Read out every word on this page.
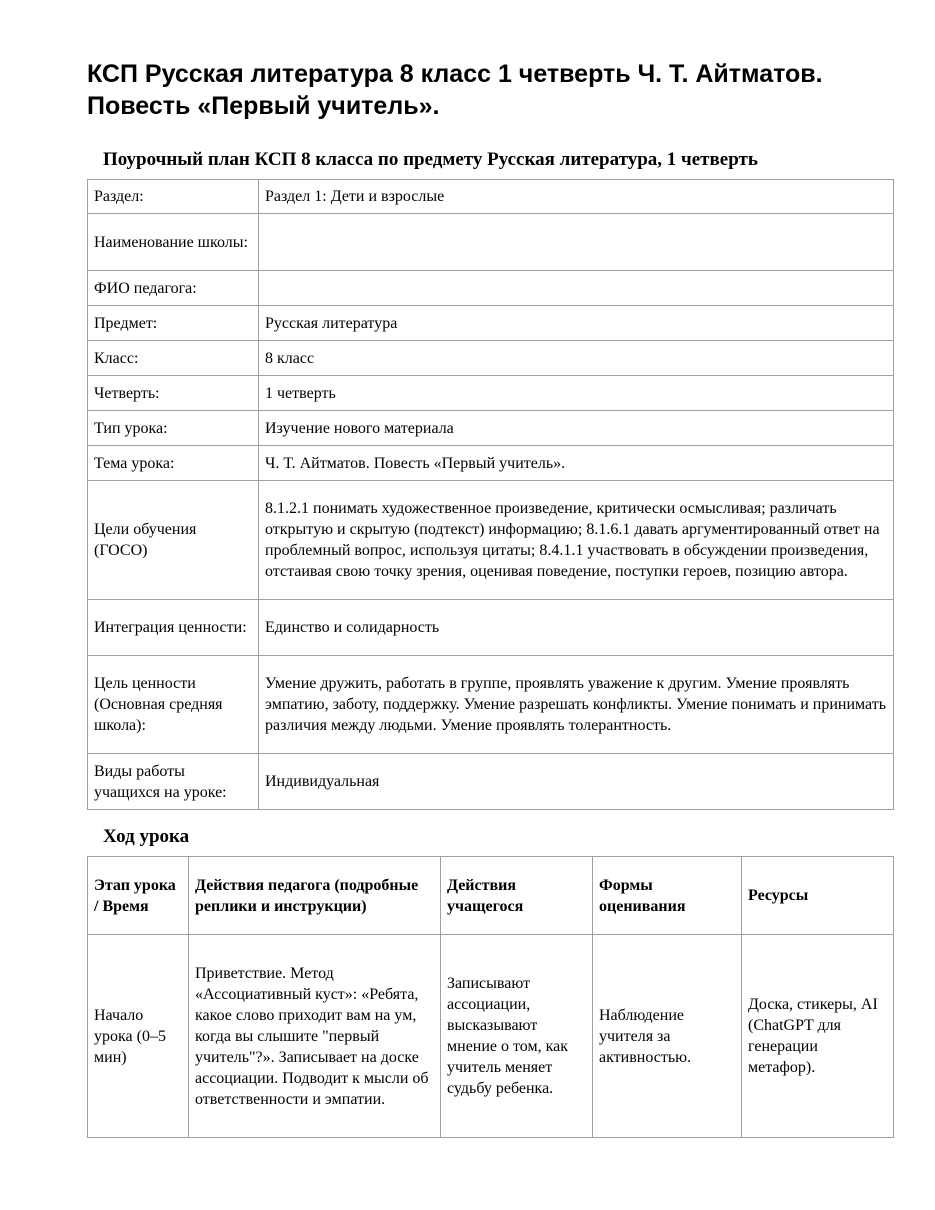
КСП Русская литература 8 класс 1 четверть Ч. Т. Айтматов. Повесть «Первый учитель».
Поурочный план КСП 8 класса по предмету Русская литература, 1 четверть
Раздел:	Раздел 1: Дети и взрослые
Наименование школы:	
ФИО педагога:	
Предмет:	Русская литература
Класс:	8 класс
Четверть:	1 четверть
Тип урока:	Изучение нового материала
Тема урока:	Ч. Т. Айтматов. Повесть «Первый учитель».
Цели обучения (ГОСО)	8.1.2.1 понимать художественное произведение, критически осмысливая; различать открытую и скрытую (подтекст) информацию; 8.1.6.1 давать аргументированный ответ на проблемный вопрос, используя цитаты; 8.4.1.1 участвовать в обсуждении произведения, отстаивая свою точку зрения, оценивая поведение, поступки героев, позицию автора.
Интеграция ценности:	Единство и солидарность
Цель ценности (Основная средняя школа):	Умение дружить, работать в группе, проявлять уважение к другим. Умение проявлять эмпатию, заботу, поддержку. Умение разрешать конфликты. Умение понимать и принимать различия между людьми. Умение проявлять толерантность.
Виды работы учащихся на уроке:	Индивидуальная
Ход урока
Этап урока / Время	Действия педагога (подробные реплики и инструкции)	Действия учащегося	Формы оценивания	Ресурсы
Начало урока (0–5 мин)	Приветствие. Метод «Ассоциативный куст»: «Ребята, какое слово приходит вам на ум, когда вы слышите "первый учитель"?». Записывает на доске ассоциации. Подводит к мысли об ответственности и эмпатии.	Записывают ассоциации, высказывают мнение о том, как учитель меняет судьбу ребенка.	Наблюдение учителя за активностью.	Доска, стикеры, AI (ChatGPT для генерации метафор).
